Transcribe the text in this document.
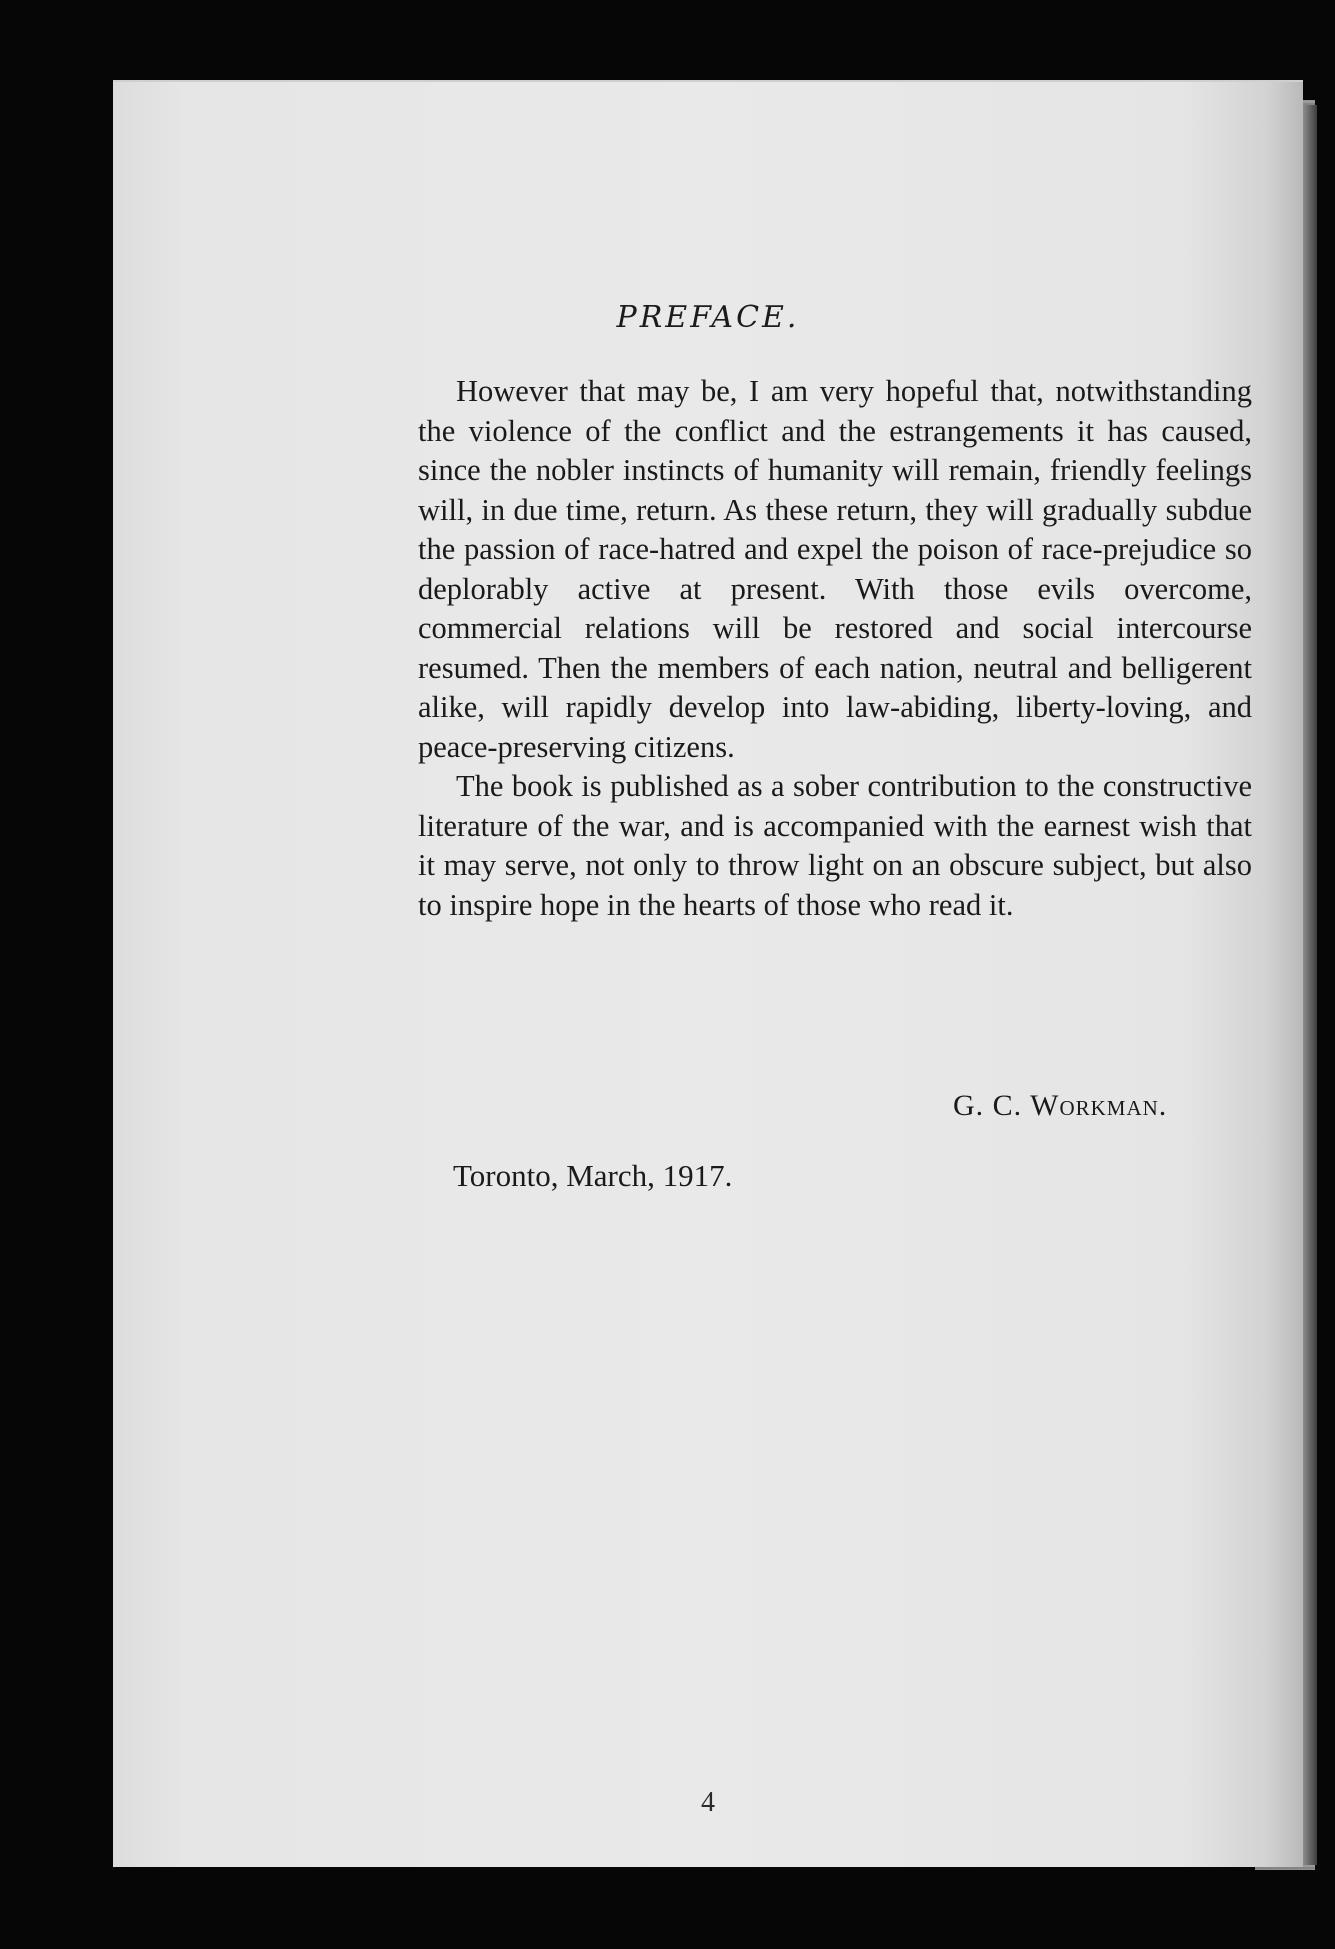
PREFACE.

However that may be, I am very hopeful that, notwithstanding the violence of the conflict and the estrangements it has caused, since the nobler instincts of humanity will remain, friendly feelings will, in due time, return. As these return, they will gradually subdue the passion of race-hatred and expel the poison of race-prejudice so deplorably active at present. With those evils overcome, commercial relations will be restored and social intercourse resumed. Then the members of each nation, neutral and belligerent alike, will rapidly develop into law-abiding, liberty-loving, and peace-preserving citizens.

The book is published as a sober contribution to the constructive literature of the war, and is accompanied with the earnest wish that it may serve, not only to throw light on an obscure subject, but also to inspire hope in the hearts of those who read it.

G. C. Workman.
Toronto, March, 1917.
4
